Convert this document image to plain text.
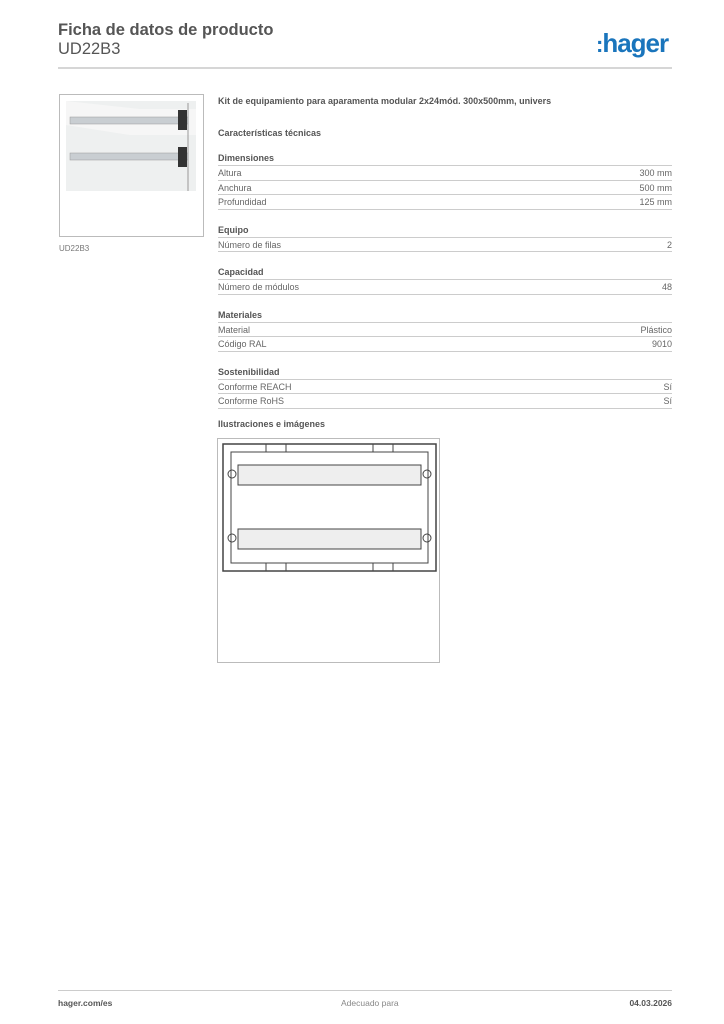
Ficha de datos de producto
UD22B3	:hager
UD22B3
Kit de equipamiento para aparamenta modular 2x24mód. 300x500mm, univers
Características técnicas
Dimensiones
Altura	300 mm
Anchura	500 mm
Profundidad	125 mm
Equipo
Número de filas	2
Capacidad
Número de módulos	48
Materiales
Material	Plástico
Código RAL	9010
Sostenibilidad
Conforme REACH	Sí
Conforme RoHS	Sí
Ilustraciones e imágenes
hager.com/es	Adecuado para	04.03.2026
